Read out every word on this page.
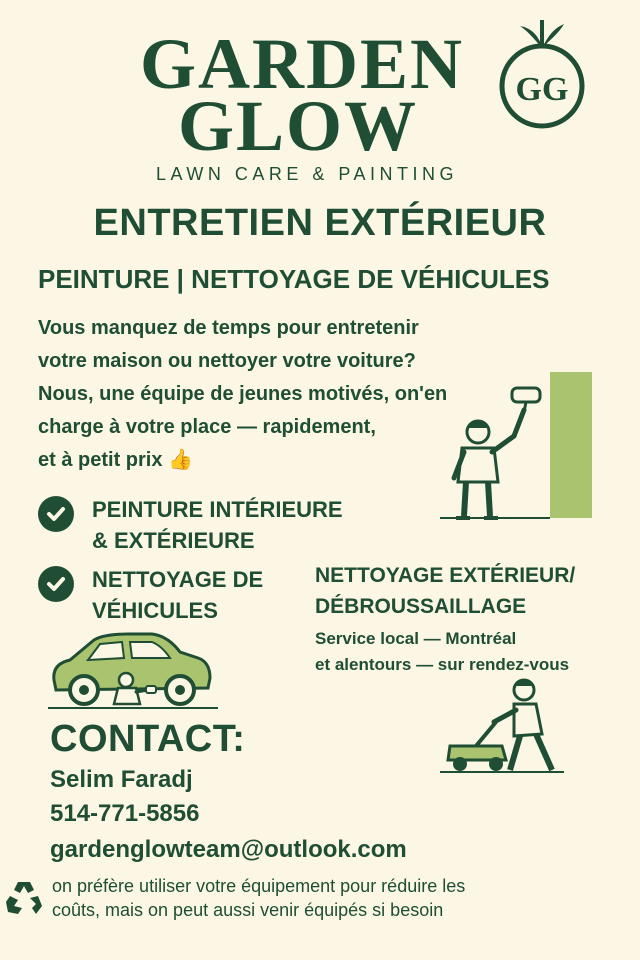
GARDEN
GLOW	GG
LAWN CARE & PAINTING
ENTRETIEN EXTÉRIEUR
PEINTURE | NETTOYAGE DE VÉHICULES
Vous manquez de temps pour entretenir
votre maison ou nettoyer votre voiture?
Nous, une équipe de jeunes motivés, on'en
charge à votre place — rapidement,
et à petit prix 👍
PEINTURE INTÉRIEURE
& EXTÉRIEURE
NETTOYAGE DE
VÉHICULES
NETTOYAGE EXTÉRIEUR/
DÉBROUSSAILLAGE
Service local — Montréal
et alentours — sur rendez-vous
CONTACT:
Selim Faradj
514-771-5856
gardenglowteam@outlook.com
on préfère utiliser votre équipement pour réduire les
coûts, mais on peut aussi venir équipés si besoin
